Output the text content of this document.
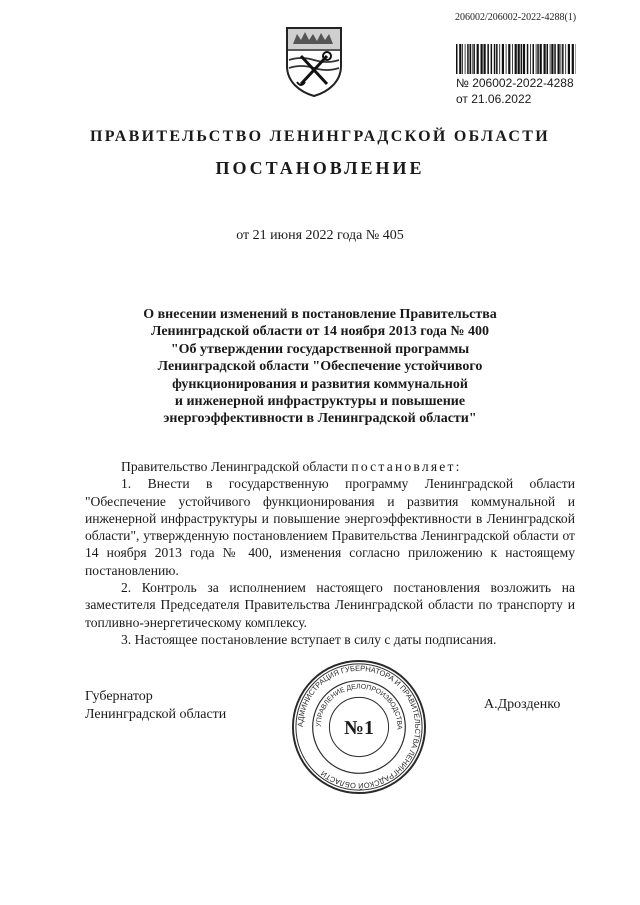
206002/206002-2022-4288(1)
№ 206002-2022-4288
от 21.06.2022
ПРАВИТЕЛЬСТВО ЛЕНИНГРАДСКОЙ ОБЛАСТИ
ПОСТАНОВЛЕНИЕ
от 21 июня 2022 года № 405
О внесении изменений в постановление Правительства
Ленинградской области от 14 ноября 2013 года № 400
"Об утверждении государственной программы
Ленинградской области "Обеспечение устойчивого
функционирования и развития коммунальной
и инженерной инфраструктуры и повышение
энергоэффективности в Ленинградской области"

Правительство Ленинградской области постановляет:

1. Внести в государственную программу Ленинградской области "Обеспечение устойчивого функционирования и развития коммунальной и инженерной инфраструктуры и повышение энергоэффективности в Ленинградской области", утвержденную постановлением Правительства Ленинградской области от 14 ноября 2013 года № 400, изменения согласно приложению к настоящему постановлению.

2. Контроль за исполнением настоящего постановления возложить на заместителя Председателя Правительства Ленинградской области по транспорту и топливно-энергетическому комплексу.

3. Настоящее постановление вступает в силу с даты подписания.

Губернатор
Ленинградской области
АДМИНИСТРАЦИЯ ГУБЕРНАТОРА И ПРАВИТЕЛЬСТВА ЛЕНИНГРАДСКОЙ ОБЛАСТИ
УПРАВЛЕНИЕ ДЕЛОПРОИЗВОДСТВА
№1
А.Дрозденко
